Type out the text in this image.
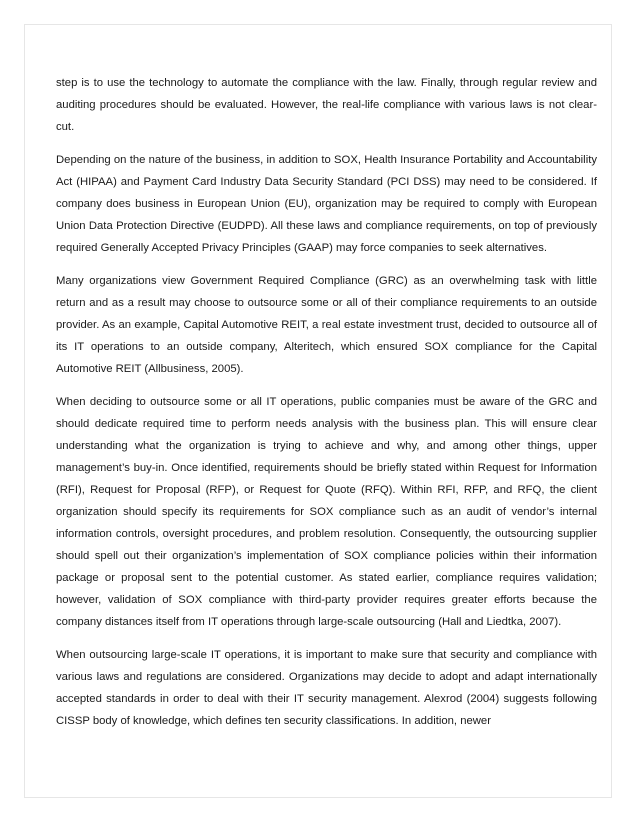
step is to use the technology to automate the compliance with the law. Finally, through regular review and auditing procedures should be evaluated. However, the real-life compliance with various laws is not clear-cut.

Depending on the nature of the business, in addition to SOX, Health Insurance Portability and Accountability Act (HIPAA) and Payment Card Industry Data Security Standard (PCI DSS) may need to be considered. If company does business in European Union (EU), organization may be required to comply with European Union Data Protection Directive (EUDPD). All these laws and compliance requirements, on top of previously required Generally Accepted Privacy Principles (GAAP) may force companies to seek alternatives.

Many organizations view Government Required Compliance (GRC) as an overwhelming task with little return and as a result may choose to outsource some or all of their compliance requirements to an outside provider. As an example, Capital Automotive REIT, a real estate investment trust, decided to outsource all of its IT operations to an outside company, Alteritech, which ensured SOX compliance for the Capital Automotive REIT (Allbusiness, 2005).

When deciding to outsource some or all IT operations, public companies must be aware of the GRC and should dedicate required time to perform needs analysis with the business plan. This will ensure clear understanding what the organization is trying to achieve and why, and among other things, upper management’s buy-in. Once identified, requirements should be briefly stated within Request for Information (RFI), Request for Proposal (RFP), or Request for Quote (RFQ). Within RFI, RFP, and RFQ, the client organization should specify its requirements for SOX compliance such as an audit of vendor’s internal information controls, oversight procedures, and problem resolution. Consequently, the outsourcing supplier should spell out their organization’s implementation of SOX compliance policies within their information package or proposal sent to the potential customer. As stated earlier, compliance requires validation; however, validation of SOX compliance with third-party provider requires greater efforts because the company distances itself from IT operations through large-scale outsourcing (Hall and Liedtka, 2007).

When outsourcing large-scale IT operations, it is important to make sure that security and compliance with various laws and regulations are considered. Organizations may decide to adopt and adapt internationally accepted standards in order to deal with their IT security management. Alexrod (2004) suggests following CISSP body of knowledge, which defines ten security classifications. In addition, newer
